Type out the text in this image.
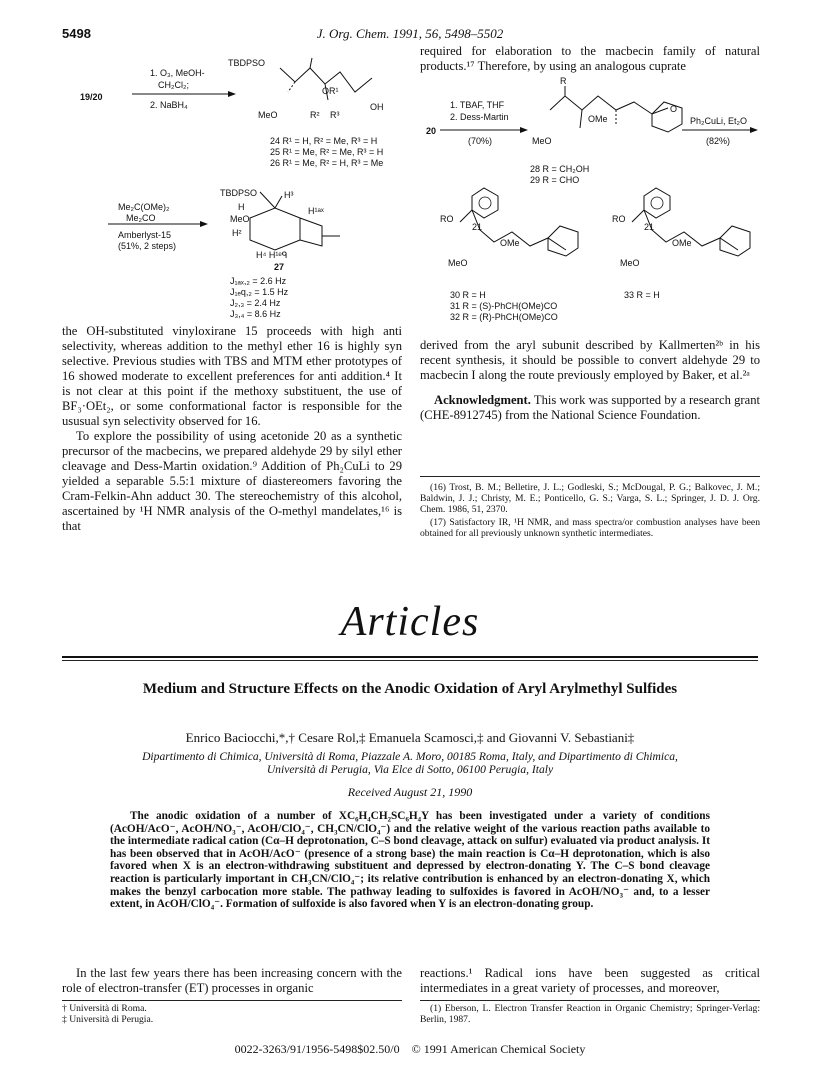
5498	J. Org. Chem. 1991, 56, 5498–5502
19/20
1. O₃, MeOH-
CH₂Cl₂;
2. NaBH₄
TBDPSO
OR¹
OH
MeO	R² R³
24 R¹ = H, R² = Me, R³ = H
25 R¹ = Me, R² = Me, R³ = H
26 R¹ = Me, R² = H, R³ = Me
Me₂C(OMe)₂
Me₂CO
Amberlyst-15
(51%, 2 steps)
TBDPSO	H³
H¹ᵃˣ
H
MeO
H²
H⁴ H¹ᵉᑫ
27
J₁ₐₓ,₂ = 2.6 Hz
J₁ₑq,₂ = 1.5 Hz
J₂,₃ = 2.4 Hz
J₃,₄ = 8.6 Hz

the OH-substituted vinyloxirane 15 proceeds with high anti selectivity, whereas addition to the methyl ether 16 is highly syn selective. Previous studies with TBS and MTM ether prototypes of 16 showed moderate to excellent preferences for anti addition.⁴ It is not clear at this point if the methoxy substituent, the use of BF₃·OEt₂, or some conformational factor is responsible for the ususual syn selectivity observed for 16.

To explore the possibility of using acetonide 20 as a synthetic precursor of the macbecins, we prepared aldehyde 29 by silyl ether cleavage and Dess-Martin oxidation.⁹ Addition of Ph₂CuLi to 29 yielded a separable 5.5:1 mixture of diastereomers favoring the Cram-Felkin-Ahn adduct 30. The stereochemistry of this alcohol, ascertained by ¹H NMR analysis of the O-methyl mandelates,¹⁶ is that

required for elaboration to the macbecin family of natural products.¹⁷ Therefore, by using an analogous cuprate

20
R
1. TBAF, THF
2. Dess-Martin
(70%)
Ph₂CuLi, Et₂O
(82%)
OMe
O
MeO
28 R = CH₂OH
29 R = CHO
RO
21
OMe
MeO
RO
21
OMe
MeO
30 R = H
31 R = (S)-PhCH(OMe)CO
32 R = (R)-PhCH(OMe)CO
33 R = H

derived from the aryl subunit described by Kallmerten²ᵇ in his recent synthesis, it should be possible to convert aldehyde 29 to macbecin I along the route previously employed by Baker, et al.²ᵃ

Acknowledgment. This work was supported by a research grant (CHE-8912745) from the National Science Foundation.

(16) Trost, B. M.; Belletire, J. L.; Godleski, S.; McDougal, P. G.; Balkovec, J. M.; Baldwin, J. J.; Christy, M. E.; Ponticello, G. S.; Varga, S. L.; Springer, J. D. J. Org. Chem. 1986, 51, 2370.

(17) Satisfactory IR, ¹H NMR, and mass spectra/or combustion analyses have been obtained for all previously unknown synthetic intermediates.

Articles
Medium and Structure Effects on the Anodic Oxidation of Aryl Arylmethyl Sulfides
Enrico Baciocchi,*,† Cesare Rol,‡ Emanuela Scamosci,‡ and Giovanni V. Sebastiani‡
Dipartimento di Chimica, Università di Roma, Piazzale A. Moro, 00185 Roma, Italy, and Dipartimento di Chimica, Università di Perugia, Via Elce di Sotto, 06100 Perugia, Italy
Received August 21, 1990
The anodic oxidation of a number of XC₆H₄CH₂SC₆H₄Y has been investigated under a variety of conditions (AcOH/AcO⁻, AcOH/NO₃⁻, AcOH/ClO₄⁻, CH₃CN/ClO₄⁻) and the relative weight of the various reaction paths available to the intermediate radical cation (Cα–H deprotonation, C–S bond cleavage, attack on sulfur) evaluated via product analysis. It has been observed that in AcOH/AcO⁻ (presence of a strong base) the main reaction is Cα–H deprotonation, which is also favored when X is an electron-withdrawing substituent and depressed by electron-donating Y. The C–S bond cleavage reaction is particularly important in CH₃CN/ClO₄⁻; its relative contribution is enhanced by an electron-donating X, which makes the benzyl carbocation more stable. The pathway leading to sulfoxides is favored in AcOH/NO₃⁻ and, to a lesser extent, in AcOH/ClO₄⁻. Formation of sulfoxide is also favored when Y is an electron-donating group.
In the last few years there has been increasing concern with the role of electron-transfer (ET) processes in organic
reactions.¹ Radical ions have been suggested as critical intermediates in a great variety of processes, and moreover,
† Università di Roma.
‡ Università di Perugia.
(1) Eberson, L. Electron Transfer Reaction in Organic Chemistry; Springer-Verlag: Berlin, 1987.
0022-3263/91/1956-5498$02.50/0 © 1991 American Chemical Society
